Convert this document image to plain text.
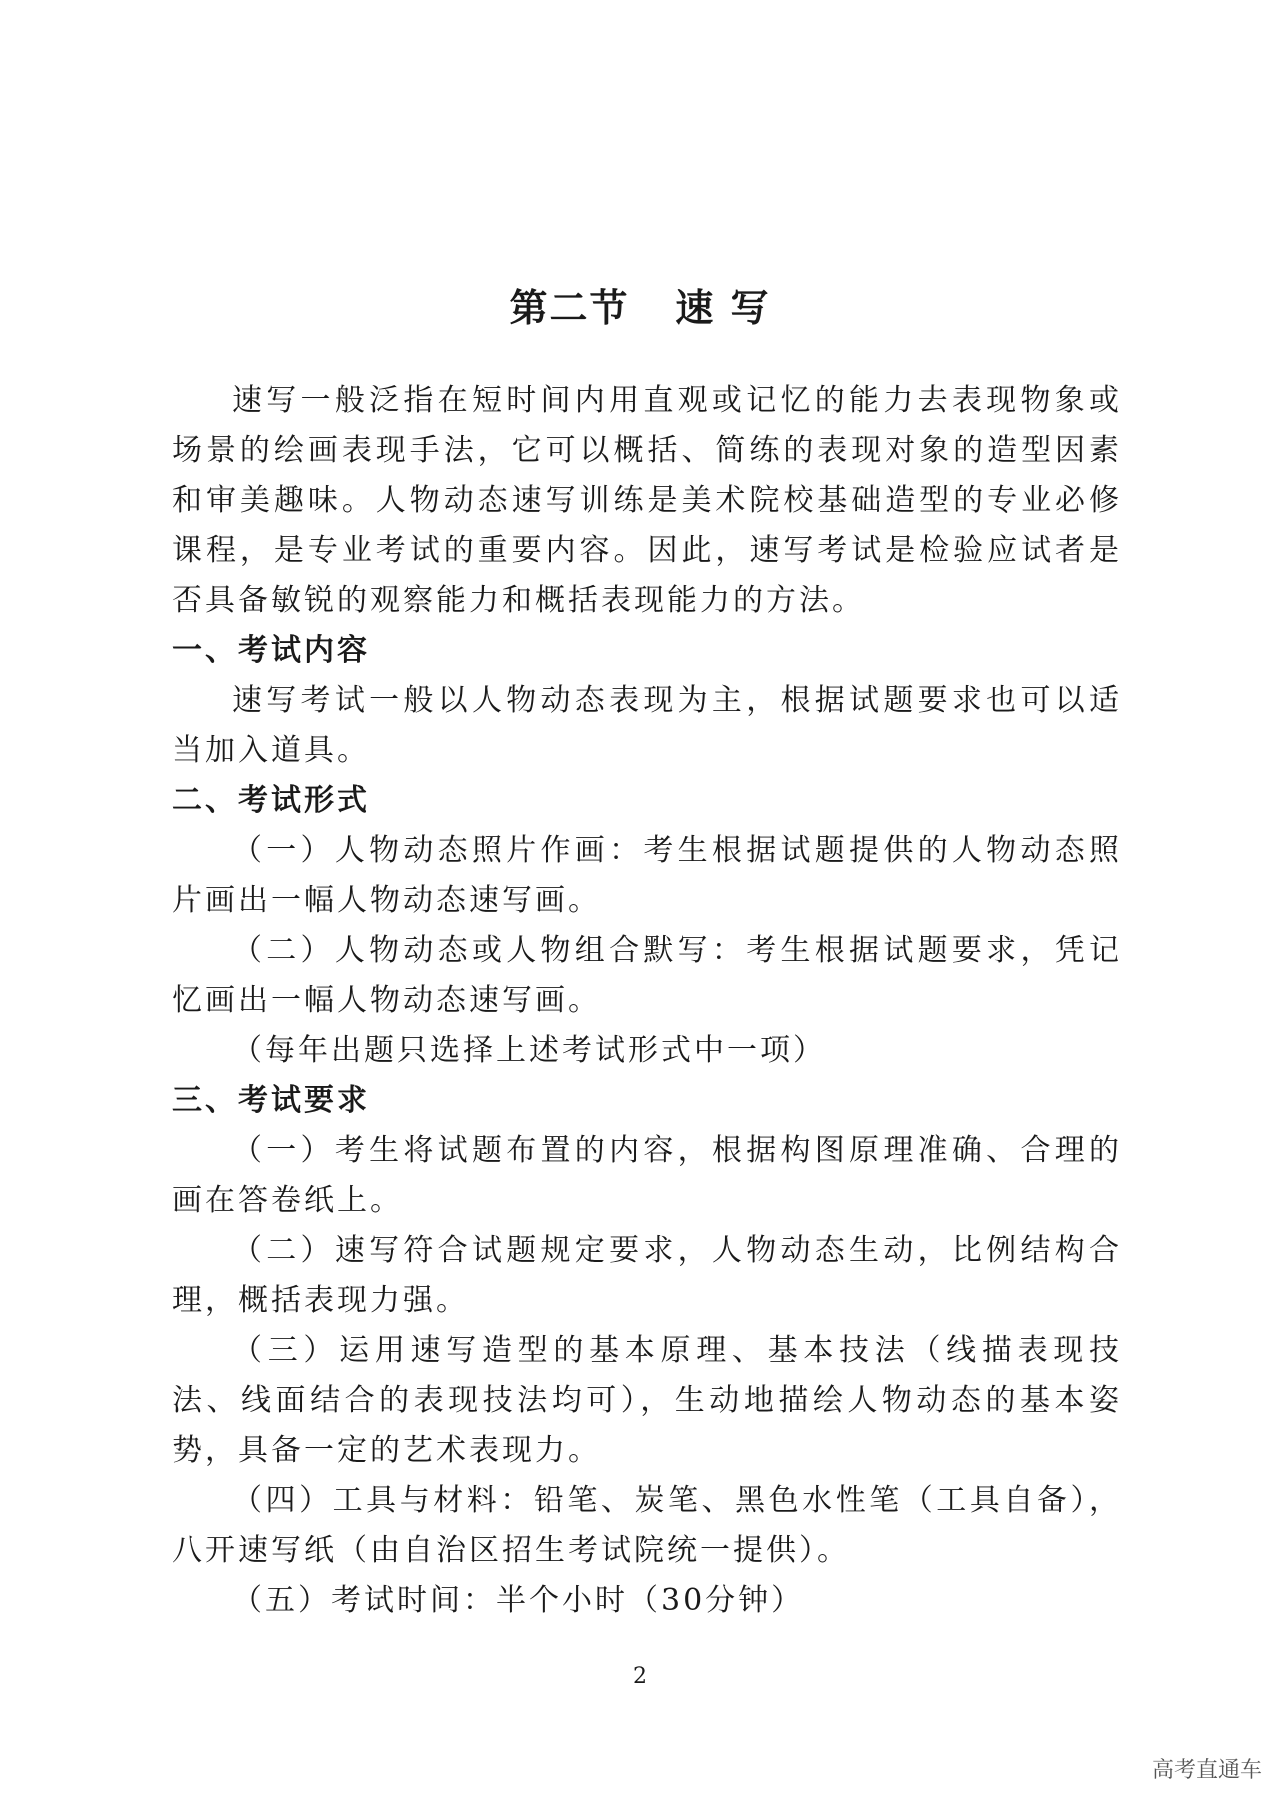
第二节   速 写

速写一般泛指在短时间内用直观或记忆的能力去表现物象或场景的绘画表现手法，它可以概括、简练的表现对象的造型因素和审美趣味。人物动态速写训练是美术院校基础造型的专业必修课程，是专业考试的重要内容。因此，速写考试是检验应试者是否具备敏锐的观察能力和概括表现能力的方法。

一、考试内容

速写考试一般以人物动态表现为主，根据试题要求也可以适当加入道具。

二、考试形式

（一）人物动态照片作画：考生根据试题提供的人物动态照片画出一幅人物动态速写画。

（二）人物动态或人物组合默写：考生根据试题要求，凭记忆画出一幅人物动态速写画。

（每年出题只选择上述考试形式中一项）

三、考试要求

（一）考生将试题布置的内容，根据构图原理准确、合理的画在答卷纸上。

（二）速写符合试题规定要求，人物动态生动，比例结构合理，概括表现力强。

（三）运用速写造型的基本原理、基本技法（线描表现技法、线面结合的表现技法均可），生动地描绘人物动态的基本姿势，具备一定的艺术表现力。

（四）工具与材料：铅笔、炭笔、黑色水性笔（工具自备），八开速写纸（由自治区招生考试院统一提供）。

（五）考试时间：半个小时（30分钟）

2
高考直通车
